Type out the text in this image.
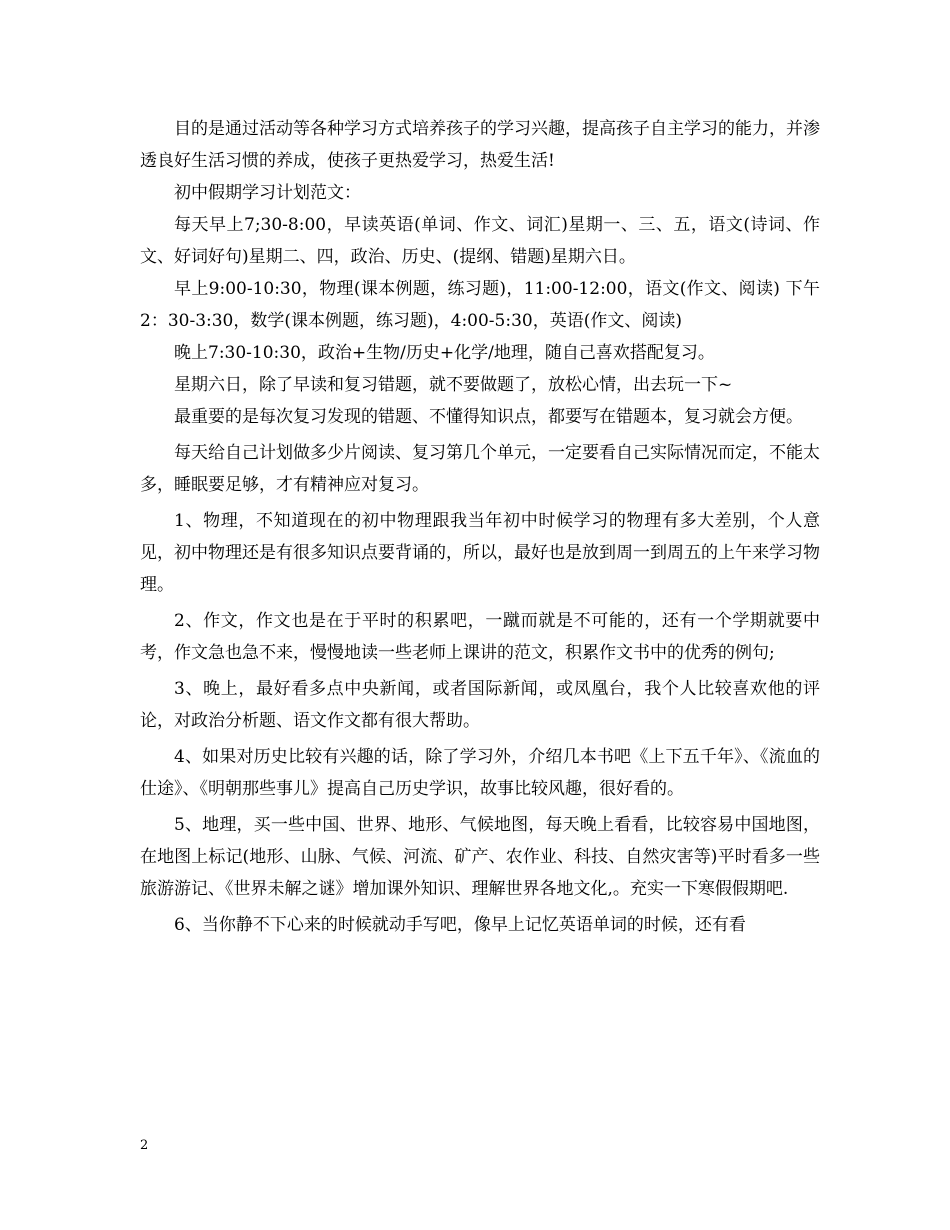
目的是通过活动等各种学习方式培养孩子的学习兴趣，提高孩子自主学习的能力，并渗透良好生活习惯的养成，使孩子更热爱学习，热爱生活!

初中假期学习计划范文：

每天早上7;30-8:00，早读英语(单词、作文、词汇)星期一、三、五，语文(诗词、作文、好词好句)星期二、四，政治、历史、(提纲、错题)星期六日。

早上9:00-10:30，物理(课本例题，练习题)，11:00-12:00，语文(作文、阅读) 下午2：30-3:30，数学(课本例题，练习题)，4:00-5:30，英语(作文、阅读)

晚上7:30-10:30，政治+生物/历史+化学/地理，随自己喜欢搭配复习。

星期六日，除了早读和复习错题，就不要做题了，放松心情，出去玩一下~

最重要的是每次复习发现的错题、不懂得知识点，都要写在错题本，复习就会方便。

每天给自己计划做多少片阅读、复习第几个单元，一定要看自己实际情况而定，不能太多，睡眠要足够，才有精神应对复习。

1、物理，不知道现在的初中物理跟我当年初中时候学习的物理有多大差别，个人意见，初中物理还是有很多知识点要背诵的，所以，最好也是放到周一到周五的上午来学习物理。

2、作文，作文也是在于平时的积累吧，一蹴而就是不可能的，还有一个学期就要中考，作文急也急不来，慢慢地读一些老师上课讲的范文，积累作文书中的优秀的例句;

3、晚上，最好看多点中央新闻，或者国际新闻，或凤凰台，我个人比较喜欢他的评论，对政治分析题、语文作文都有很大帮助。

4、如果对历史比较有兴趣的话，除了学习外，介绍几本书吧《上下五千年》、《流血的仕途》、《明朝那些事儿》提高自己历史学识，故事比较风趣，很好看的。

5、地理，买一些中国、世界、地形、气候地图，每天晚上看看，比较容易中国地图，在地图上标记(地形、山脉、气候、河流、矿产、农作业、科技、自然灾害等)平时看多一些旅游游记、《世界未解之谜》增加课外知识、理解世界各地文化,。充实一下寒假假期吧.

6、当你静不下心来的时候就动手写吧，像早上记忆英语单词的时候，还有看

2
